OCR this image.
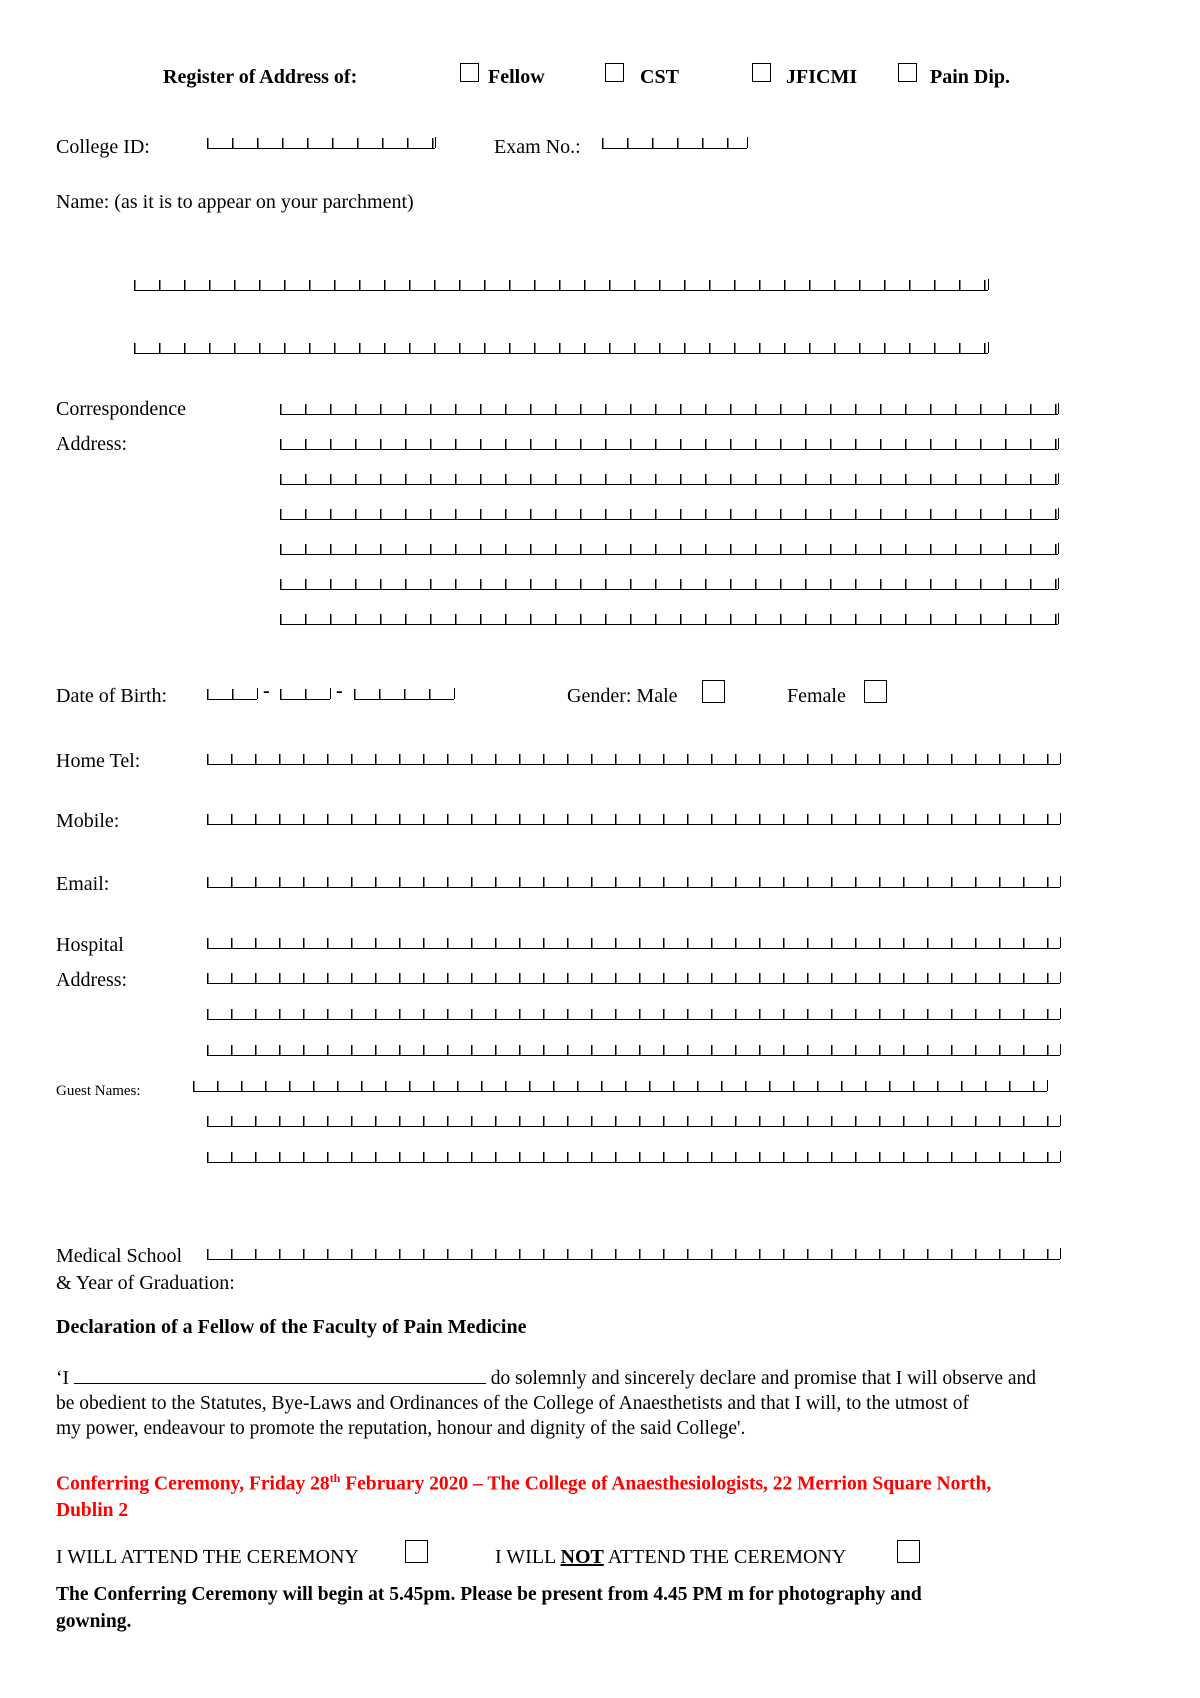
Register of Address of:	Fellow	CST	JFICMI	Pain Dip.
College ID:	Exam No.:
Name: (as it is to appear on your parchment)
Correspondence
Address:
Date of Birth:	-	-	Gender: Male	Female
Home Tel:
Mobile:
Email:
Hospital
Address:
Guest Names:
Medical School
& Year of Graduation:
Declaration of a Fellow of the Faculty of Pain Medicine
‘I	do solemnly and sincerely declare and promise that I will observe and
be obedient to the Statutes, Bye-Laws and Ordinances of the College of Anaesthetists and that I will, to the utmost of
my power, endeavour to promote the reputation, honour and dignity of the said College'.
Conferring Ceremony, Friday 28th February 2020 – The College of Anaesthesiologists, 22 Merrion Square North,
Dublin 2
I WILL ATTEND THE CEREMONY	I WILL NOT ATTEND THE CEREMONY
The Conferring Ceremony will begin at 5.45pm. Please be present from 4.45 PM m for photography and
gowning.
